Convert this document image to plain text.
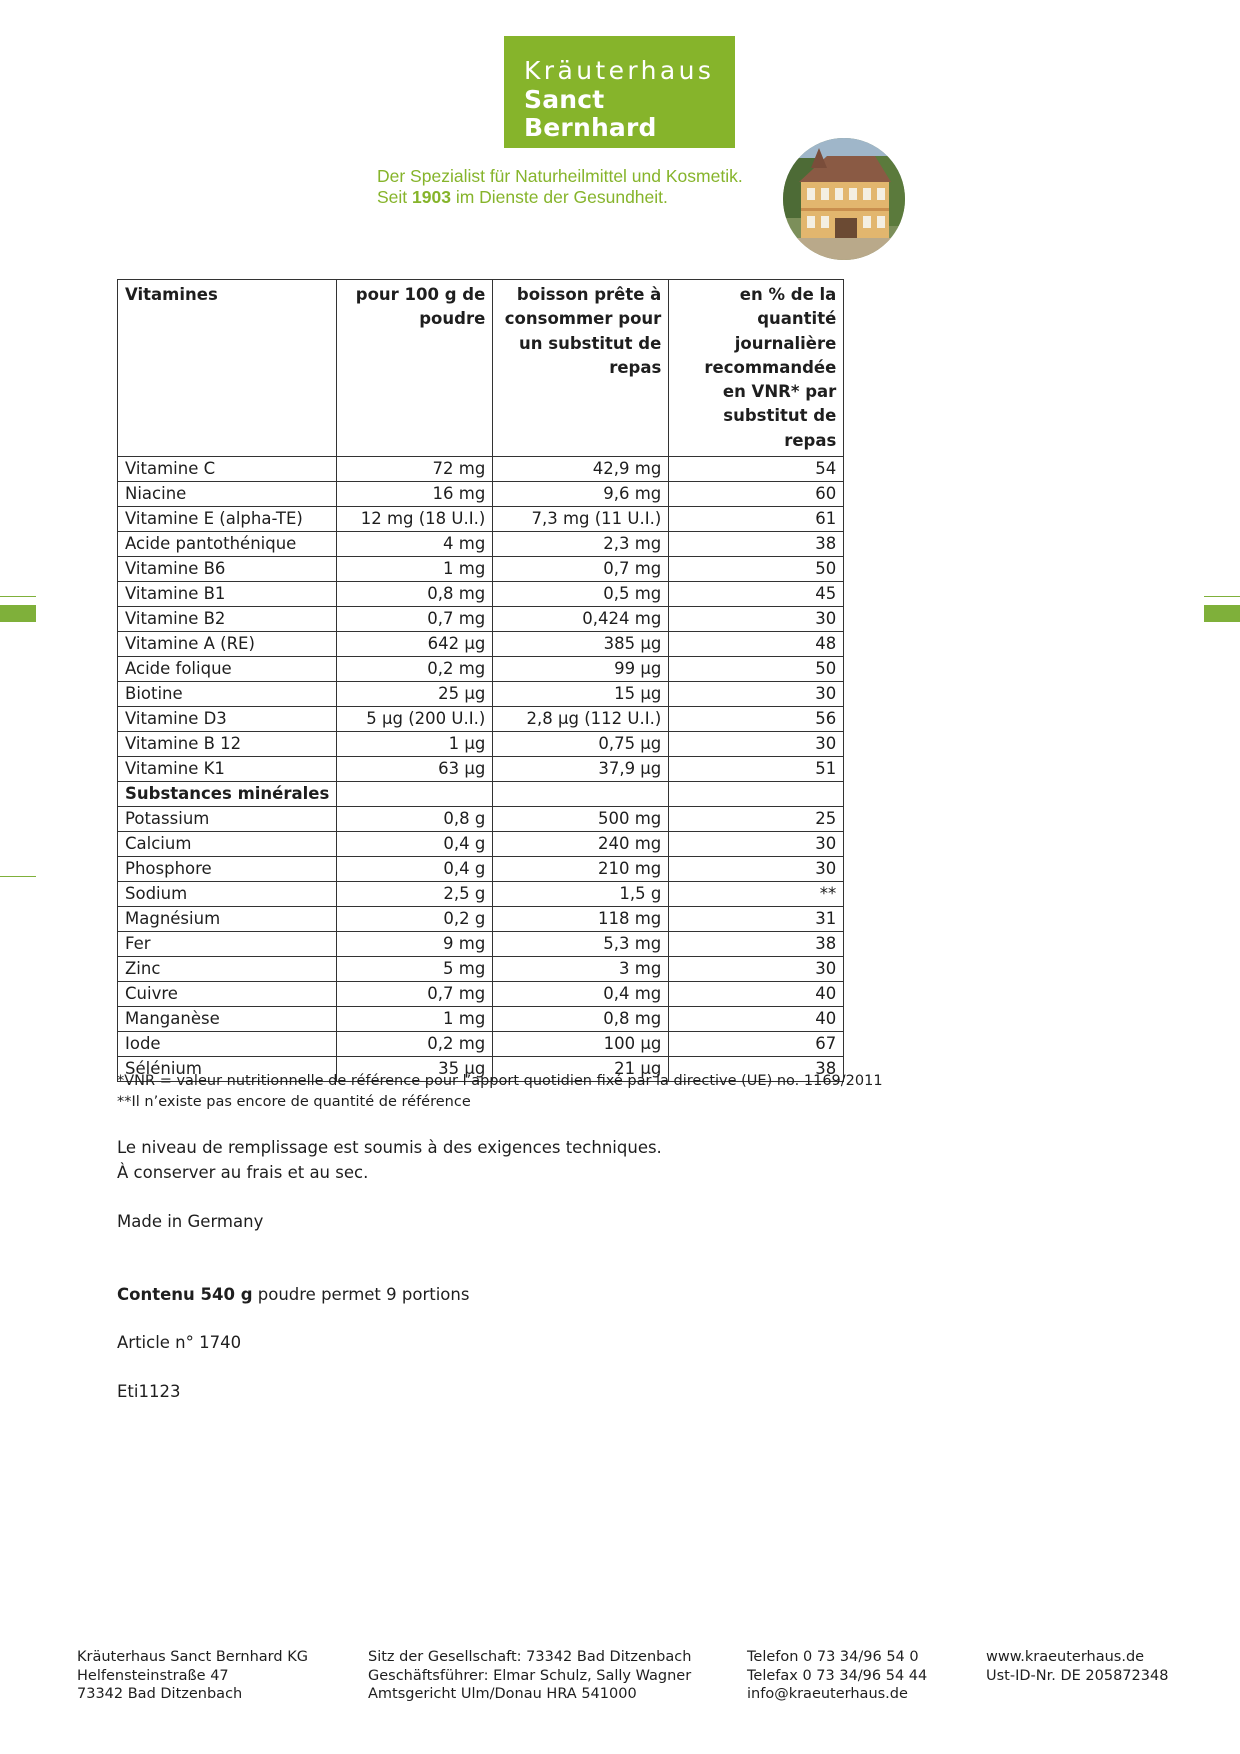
Kräuterhaus
Sanct Bernhard
Der Spezialist für Naturheilmittel und Kosmetik.
Seit 1903 im Dienste der Gesundheit.
Vitamines	pour 100 g de poudre	boisson prête à consommer pour un substitut de repas	en % de la quantité journalière recommandée en VNR* par substitut de repas
Vitamine C	72 mg	42,9 mg	54
Niacine	16 mg	9,6 mg	60
Vitamine E (alpha-TE)	12 mg (18 U.I.)	7,3 mg (11 U.I.)	61
Acide pantothénique	4 mg	2,3 mg	38
Vitamine B6	1 mg	0,7 mg	50
Vitamine B1	0,8 mg	0,5 mg	45
Vitamine B2	0,7 mg	0,424 mg	30
Vitamine A (RE)	642 µg	385 µg	48
Acide folique	0,2 mg	99 µg	50
Biotine	25 µg	15 µg	30
Vitamine D3	5 µg (200 U.I.)	2,8 µg (112 U.I.)	56
Vitamine B 12	1 µg	0,75 µg	30
Vitamine K1	63 µg	37,9 µg	51
Substances minérales			
Potassium	0,8 g	500 mg	25
Calcium	0,4 g	240 mg	30
Phosphore	0,4 g	210 mg	30
Sodium	2,5 g	1,5 g	**
Magnésium	0,2 g	118 mg	31
Fer	9 mg	5,3 mg	38
Zinc	5 mg	3 mg	30
Cuivre	0,7 mg	0,4 mg	40
Manganèse	1 mg	0,8 mg	40
Iode	0,2 mg	100 µg	67
Sélénium	35 µg	21 µg	38
*VNR = valeur nutritionnelle de référence pour l’apport quotidien fixé par la directive (UE) no. 1169/2011
**Il n’existe pas encore de quantité de référence
Le niveau de remplissage est soumis à des exigences techniques.
À conserver au frais et au sec.
Made in Germany
Contenu 540 g poudre permet 9 portions
Article n° 1740
Eti1123
Kräuterhaus Sanct Bernhard KG
Helfensteinstraße 47
73342 Bad Ditzenbach
Sitz der Gesellschaft: 73342 Bad Ditzenbach
Geschäftsführer: Elmar Schulz, Sally Wagner
Amtsgericht Ulm/Donau HRA 541000
Telefon 0 73 34/96 54 0
Telefax 0 73 34/96 54 44
info@kraeuterhaus.de
www.kraeuterhaus.de
Ust-ID-Nr. DE 205872348
